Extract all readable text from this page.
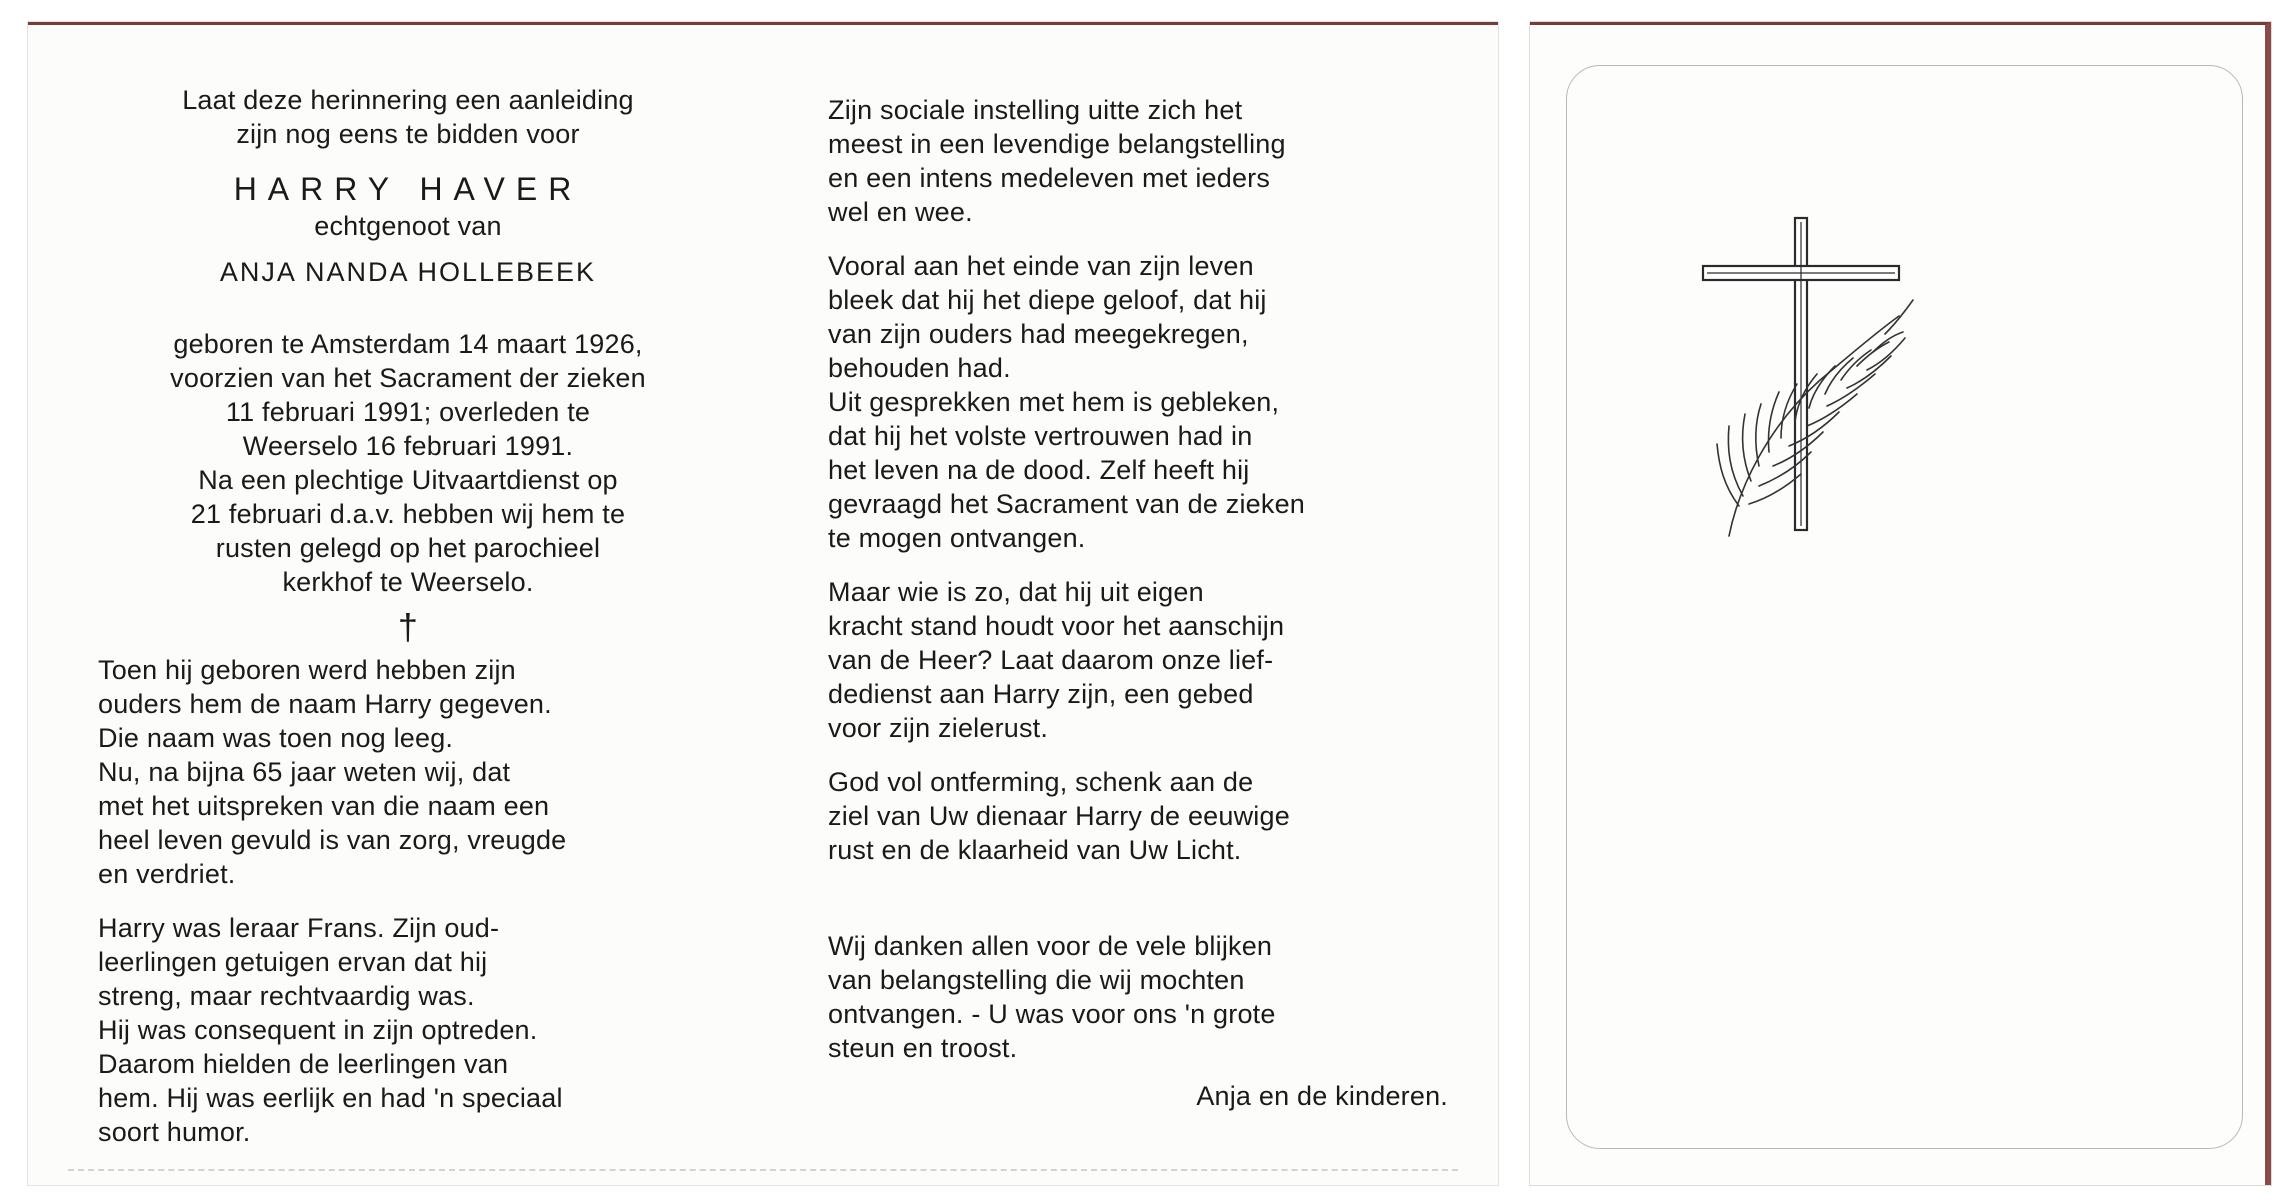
Laat deze herinnering een aanleiding

zijn nog eens te bidden voor

HARRY HAVER

echtgenoot van

ANJA NANDA HOLLEBEEK

geboren te Amsterdam 14 maart 1926,

voorzien van het Sacrament der zieken

11 februari 1991; overleden te

Weerselo 16 februari 1991.

Na een plechtige Uitvaartdienst op

21 februari d.a.v. hebben wij hem te

rusten gelegd op het parochieel

kerkhof te Weerselo.

†

Toen hij geboren werd hebben zijn

ouders hem de naam Harry gegeven.

Die naam was toen nog leeg.

Nu, na bijna 65 jaar weten wij, dat

met het uitspreken van die naam een

heel leven gevuld is van zorg, vreugde

en verdriet.

Harry was leraar Frans. Zijn oud-

leerlingen getuigen ervan dat hij

streng, maar rechtvaardig was.

Hij was consequent in zijn optreden.

Daarom hielden de leerlingen van

hem. Hij was eerlijk en had 'n speciaal

soort humor.

Zijn sociale instelling uitte zich het

meest in een levendige belangstelling

en een intens medeleven met ieders

wel en wee.

Vooral aan het einde van zijn leven

bleek dat hij het diepe geloof, dat hij

van zijn ouders had meegekregen,

behouden had.

Uit gesprekken met hem is gebleken,

dat hij het volste vertrouwen had in

het leven na de dood. Zelf heeft hij

gevraagd het Sacrament van de zieken

te mogen ontvangen.

Maar wie is zo, dat hij uit eigen

kracht stand houdt voor het aanschijn

van de Heer? Laat daarom onze lief-

dedienst aan Harry zijn, een gebed

voor zijn zielerust.

God vol ontferming, schenk aan de

ziel van Uw dienaar Harry de eeuwige

rust en de klaarheid van Uw Licht.

Wij danken allen voor de vele blijken

van belangstelling die wij mochten

ontvangen. - U was voor ons 'n grote

steun en troost.

Anja en de kinderen.
